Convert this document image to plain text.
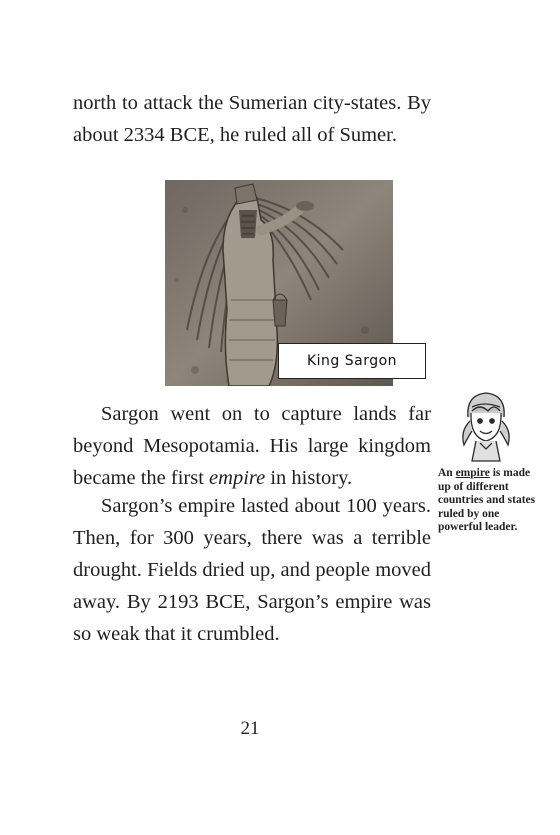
north to attack the Sumerian city-states. By about 2334 BCE, he ruled all of Sumer.

King Sargon

Sargon went on to capture lands far beyond Mesopotamia. His large kingdom became the first empire in history.

Sargon’s empire lasted about 100 years. Then, for 300 years, there was a terrible drought. Fields dried up, and people moved away. By 2193 BCE, Sargon’s empire was so weak that it crumbled.

An empire is made up of different countries and states ruled by one powerful leader.
21
